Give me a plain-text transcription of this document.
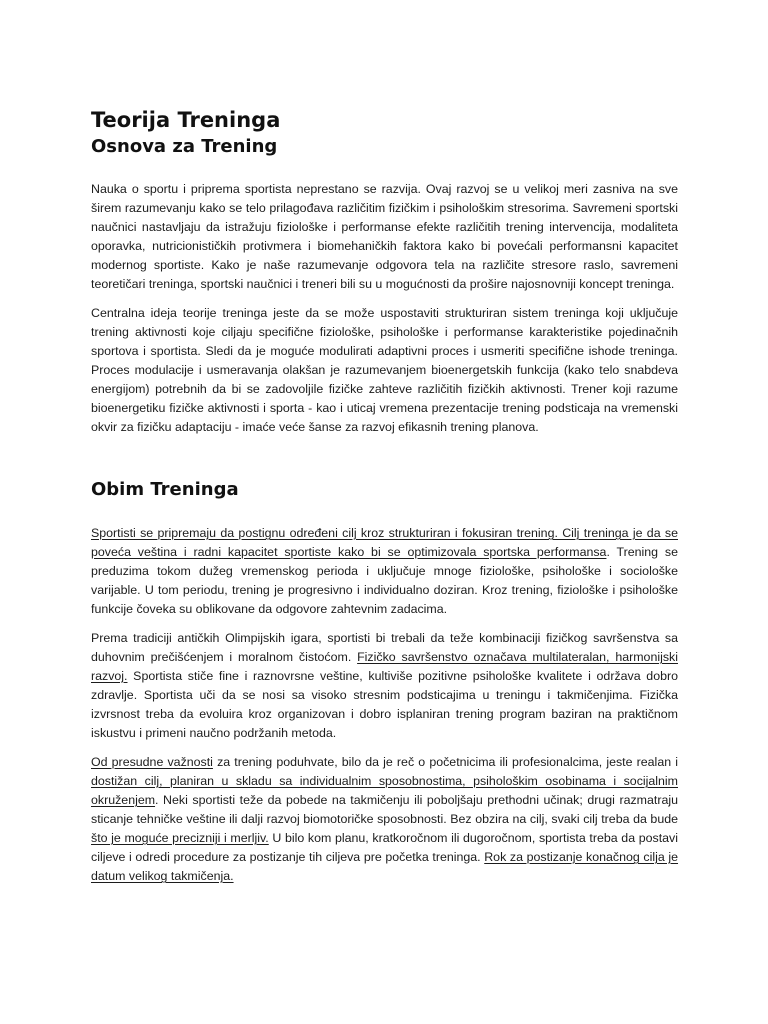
Teorija Treninga
Osnova za Trening

Nauka o sportu i priprema sportista neprestano se razvija. Ovaj razvoj se u velikoj meri zasniva na sve širem razumevanju kako se telo prilagođava različitim fizičkim i psihološkim stresorima. Savremeni sportski naučnici nastavljaju da istražuju fiziološke i performanse efekte različitih trening intervencija, modaliteta oporavka, nutricionističkih protivmera i biomehaničkih faktora kako bi povećali performansni kapacitet modernog sportiste. Kako je naše razumevanje odgovora tela na različite stresore raslo, savremeni teoretičari treninga, sportski naučnici i treneri bili su u mogućnosti da prošire najosnovniji koncept treninga.

Centralna ideja teorije treninga jeste da se može uspostaviti strukturiran sistem treninga koji uključuje trening aktivnosti koje ciljaju specifične fiziološke, psihološke i performanse karakteristike pojedinačnih sportova i sportista. Sledi da je moguće modulirati adaptivni proces i usmeriti specifične ishode treninga. Proces modulacije i usmeravanja olakšan je razumevanjem bioenergetskih funkcija (kako telo snabdeva energijom) potrebnih da bi se zadovoljile fizičke zahteve različitih fizičkih aktivnosti. Trener koji razume bioenergetiku fizičke aktivnosti i sporta - kao i uticaj vremena prezentacije trening podsticaja na vremenski okvir za fizičku adaptaciju - imaće veće šanse za razvoj efikasnih trening planova.

Obim Treninga

Sportisti se pripremaju da postignu određeni cilj kroz strukturiran i fokusiran trening. Cilj treninga je da se poveća veština i radni kapacitet sportiste kako bi se optimizovala sportska performansa. Trening se preduzima tokom dužeg vremenskog perioda i uključuje mnoge fiziološke, psihološke i sociološke varijable. U tom periodu, trening je progresivno i individualno doziran. Kroz trening, fiziološke i psihološke funkcije čoveka su oblikovane da odgovore zahtevnim zadacima.

Prema tradiciji antičkih Olimpijskih igara, sportisti bi trebali da teže kombinaciji fizičkog savršenstva sa duhovnim prečišćenjem i moralnom čistoćom. Fizičko savršenstvo označava multilateralan, harmonijski razvoj. Sportista stiče fine i raznovrsne veštine, kultiviše pozitivne psihološke kvalitete i održava dobro zdravlje. Sportista uči da se nosi sa visoko stresnim podsticajima u treningu i takmičenjima. Fizička izvrsnost treba da evoluira kroz organizovan i dobro isplaniran trening program baziran na praktičnom iskustvu i primeni naučno podržanih metoda.

Od presudne važnosti za trening poduhvate, bilo da je reč o početnicima ili profesionalcima, jeste realan i dostižan cilj, planiran u skladu sa individualnim sposobnostima, psihološkim osobinama i socijalnim okruženjem. Neki sportisti teže da pobede na takmičenju ili poboljšaju prethodni učinak; drugi razmatraju sticanje tehničke veštine ili dalji razvoj biomotoričke sposobnosti. Bez obzira na cilj, svaki cilj treba da bude što je moguće precizniji i merljiv. U bilo kom planu, kratkoročnom ili dugoročnom, sportista treba da postavi ciljeve i odredi procedure za postizanje tih ciljeva pre početka treninga. Rok za postizanje konačnog cilja je datum velikog takmičenja.
